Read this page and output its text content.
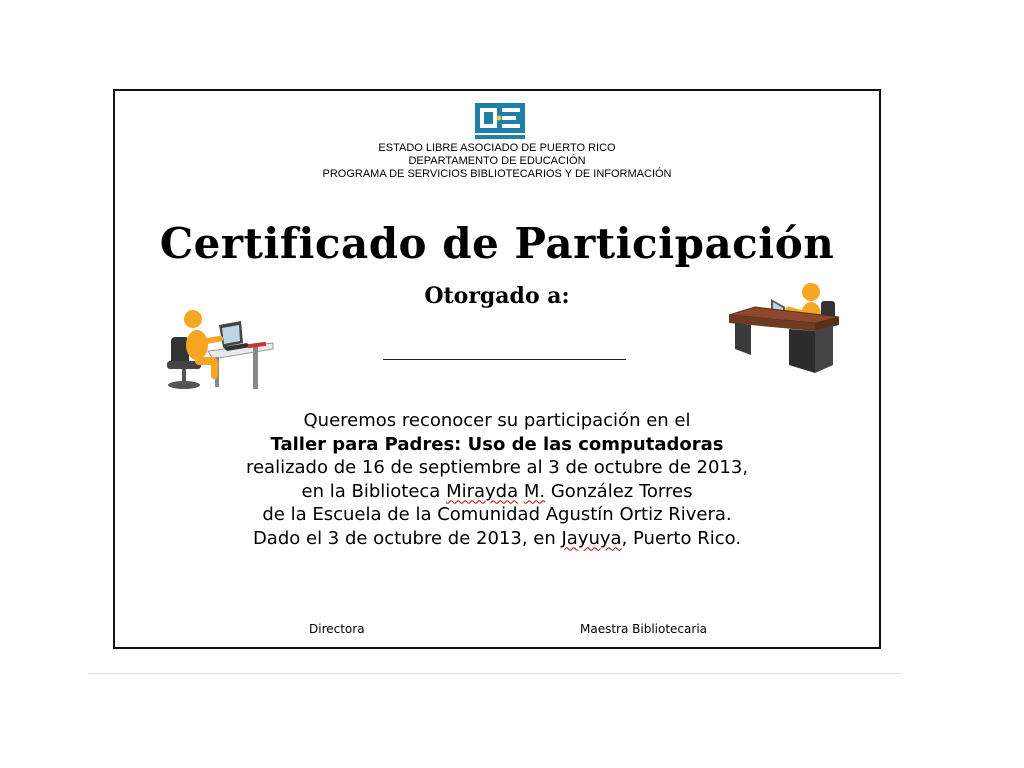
ESTADO LIBRE ASOCIADO DE PUERTO RICO
DEPARTAMENTO DE EDUCACIÓN
PROGRAMA DE SERVICIOS BIBLIOTECARIOS Y DE INFORMACIÓN
Certificado de Participación
Otorgado a:
Queremos reconocer su participación en el
Taller para Padres: Uso de las computadoras
realizado de 16 de septiembre al 3 de octubre de 2013,
en la Biblioteca Mirayda M. González Torres
de la Escuela de la Comunidad Agustín Ortiz Rivera.
Dado el 3 de octubre de 2013, en Jayuya, Puerto Rico.
Directora	Maestra Bibliotecaria
